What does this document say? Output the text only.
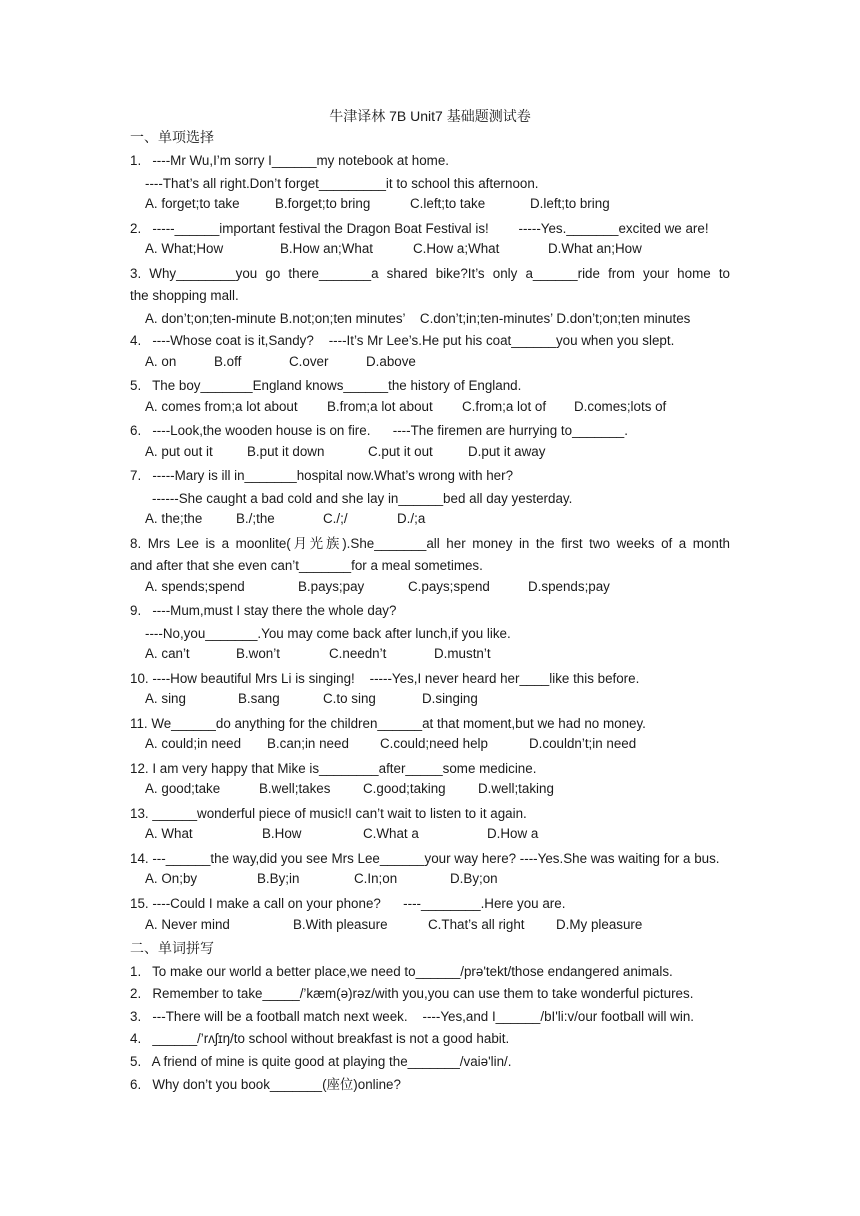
牛津译林 7B Unit7 基础题测试卷
一、单项选择
1.   ----Mr Wu,I’m sorry I______my notebook at home.
----That’s all right.Don’t forget_________it to school this afternoon.
A. forget;to take	B.forget;to bring	C.left;to take	D.left;to bring
2.   -----______important festival the Dragon Boat Festival is!        -----Yes._______excited we are!
A. What;How	B.How an;What	C.How a;What	D.What an;How
3. Why________you go there_______a shared bike?It’s only a______ride from your home to
the shopping mall.
A. don’t;on;ten-minute B.not;on;ten minutes’    C.don’t;in;ten-minutes’ D.don’t;on;ten minutes
4.   ----Whose coat is it,Sandy?    ----It’s Mr Lee’s.He put his coat______you when you slept.
A. on	B.off	C.over	D.above
5.   The boy_______England knows______the history of England.
A. comes from;a lot about B.from;a lot about C.from;a lot of D.comes;lots of
6.   ----Look,the wooden house is on fire.      ----The firemen are hurrying to_______.
A. put out it	B.put it down	C.put it out	D.put it away
7.   -----Mary is ill in_______hospital now.What’s wrong with her?
------She caught a bad cold and she lay in______bed all day yesterday.
A. the;the	B./;the	C./;/	D./;a
8. Mrs Lee is a moonlite(月光族).She_______all her money in the first two weeks of a month
and after that she even can’t_______for a meal sometimes.
A. spends;spend	B.pays;pay	C.pays;spend	D.spends;pay
9.   ----Mum,must I stay there the whole day?
----No,you_______.You may come back after lunch,if you like.
A. can’t	B.won’t	C.needn’t	D.mustn’t
10. ----How beautiful Mrs Li is singing!    -----Yes,I never heard her____like this before.
A. sing	B.sang	C.to sing	D.singing
11. We______do anything for the children______at that moment,but we had no money.
A. could;in need B.can;in need C.could;need help	D.couldn’t;in need
12. I am very happy that Mike is________after_____some medicine.
A. good;take	B.well;takes C.good;taking D.well;taking
13. ______wonderful piece of music!I can’t wait to listen to it again.
A. What	B.How	C.What a	D.How a
14. ---______the way,did you see Mrs Lee______your way here? ----Yes.She was waiting for a bus.
A. On;by	B.By;in	C.In;on	D.By;on
15. ----Could I make a call on your phone?      ----________.Here you are.
A. Never mind	B.With pleasure	C.That’s all right D.My pleasure
二、单词拼写
1.   To make our world a better place,we need to______/prə'tekt/those endangered animals.
2.   Remember to take_____/’kæm(ə)rəz/with you,you can use them to take wonderful pictures.
3.   ---There will be a football match next week.    ----Yes,and I______/bI'li:v/our football will win.
4.   ______/’rʌʃɪŋ/to school without breakfast is not a good habit.
5.   A friend of mine is quite good at playing the_______/vaiə'lin/.
6.   Why don’t you book_______(座位)online?
